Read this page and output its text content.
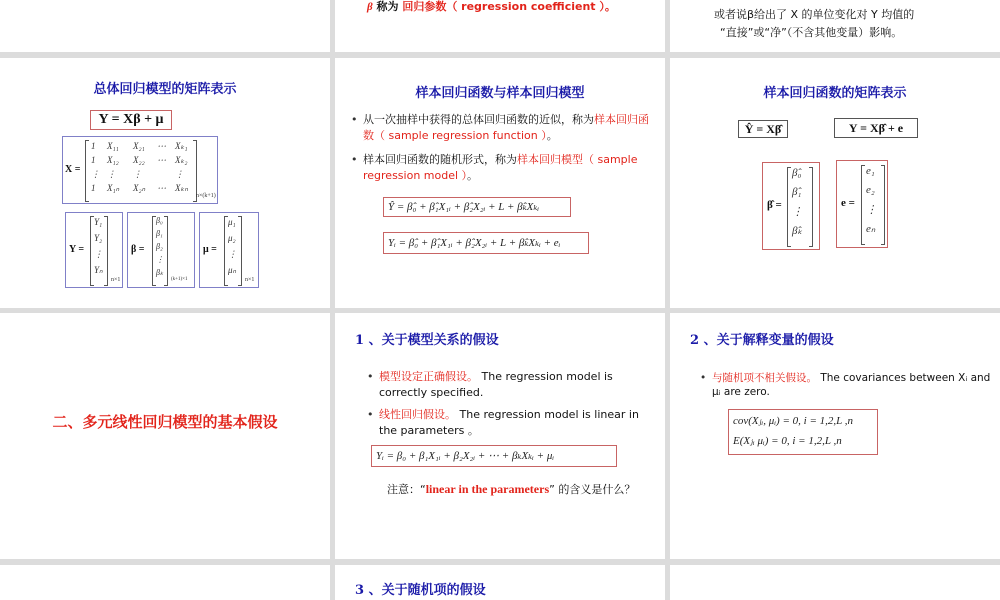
β 称为 回归参数（ regression coefficient ）。
或者说β给出了 X 的单位变化对 Y 均值的
“直接”或“净”（不含其他变量）影响。
总体回归模型的矩阵表示
Y = Xβ + μ
X =
1 X₁₁ X₂₁ ⋯ Xₖ₁
1 X₁₂ X₂₂ ⋯ Xₖ₂
⋮ ⋮ ⋮	⋮
1 X₁ₙ X₂ₙ ⋯ Xₖₙ
n×(k+1)
Y =
Y₁
Y₂
⋮
Yₙ
n×1
β =
β₀
β₁
β₂
⋮
βₖ
(k+1)×1
μ =
μ₁
μ₂
⋮
μₙ
n×1
样本回归函数与样本回归模型
• 从一次抽样中获得的总体回归函数的近似，称为样本回归函数（ sample regression function ）。
• 样本回归函数的随机形式，称为样本回归模型（ sample regression model ）。
Ŷ = β̂₀ + β̂₁X₁ᵢ + β̂₂X₂ᵢ + L + β̂ₖXₖᵢ
Yᵢ = β̂₀ + β̂₁X₁ᵢ + β̂₂X₂ᵢ + L + β̂ₖXₖᵢ + eᵢ
样本回归函数的矩阵表示
Ŷ = Xβ̂	Y = Xβ̂ + e
β̂ =
β̂₀
β̂₁
⋮
β̂ₖ
e =
e₁
e₂
⋮
eₙ
二、多元线性回归模型的基本假设
1 、关于模型关系的假设
• 模型设定正确假设。 The regression model is correctly specified.
• 线性回归假设。 The regression model is linear in the parameters 。
Yᵢ = β₀ + β₁X₁ᵢ + β₂X₂ᵢ + ⋯ + βₖXₖᵢ + μᵢ
注意：“linear in the parameters” 的含义是什么？
2 、关于解释变量的假设
• 与随机项不相关假设。 The covariances between Xᵢ and μᵢ are zero.
cov(Xⱼᵢ, μᵢ) = 0, i = 1,2,L ,n
E(Xⱼᵢ μᵢ) = 0, i = 1,2,L ,n
3 、关于随机项的假设
